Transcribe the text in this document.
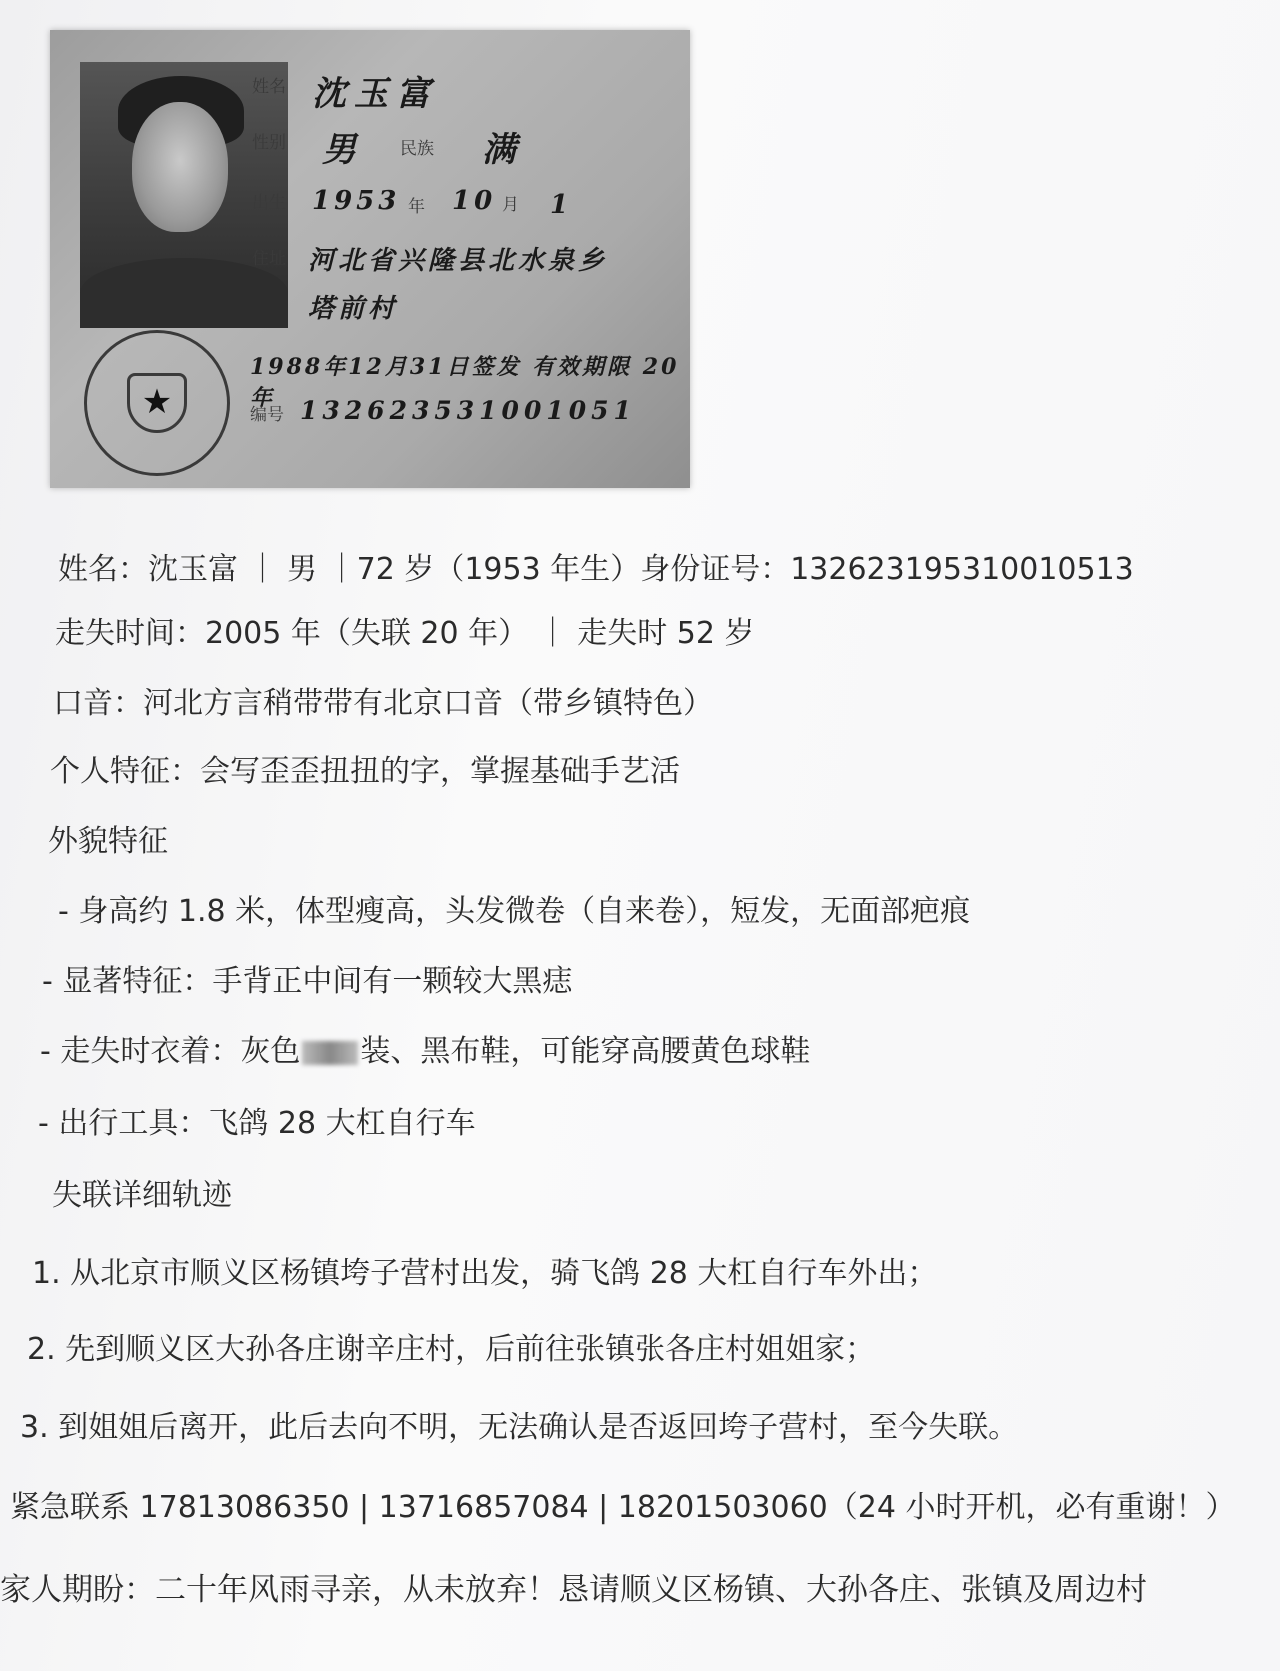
★
姓名 沈玉富
性别 男 民族 满
出生 1953 年 10 月 1
住址 河北省兴隆县北水泉乡
塔前村
1988年12月31日签发 有效期限 20年
编号 132623531001051
姓名：沈玉富 ｜ 男 ｜72 岁（1953 年生）身份证号：132623195310010513
走失时间：2005 年（失联 20 年） ｜ 走失时 52 岁
口音：河北方言稍带带有北京口音（带乡镇特色）
个人特征：会写歪歪扭扭的字，掌握基础手艺活
外貌特征
- 身高约 1.8 米，体型瘦高，头发微卷（自来卷），短发，无面部疤痕
- 显著特征：手背正中间有一颗较大黑痣
- 走失时衣着：灰色 装、黑布鞋，可能穿高腰黄色球鞋
- 出行工具：飞鸽 28 大杠自行车
失联详细轨迹
1. 从北京市顺义区杨镇垮子营村出发，骑飞鸽 28 大杠自行车外出；
2. 先到顺义区大孙各庄谢辛庄村，后前往张镇张各庄村姐姐家；
3. 到姐姐后离开，此后去向不明，无法确认是否返回垮子营村，至今失联。
紧急联系 17813086350 | 13716857084 | 18201503060（24 小时开机，必有重谢！）
家人期盼：二十年风雨寻亲，从未放弃！恳请顺义区杨镇、大孙各庄、张镇及周边村
